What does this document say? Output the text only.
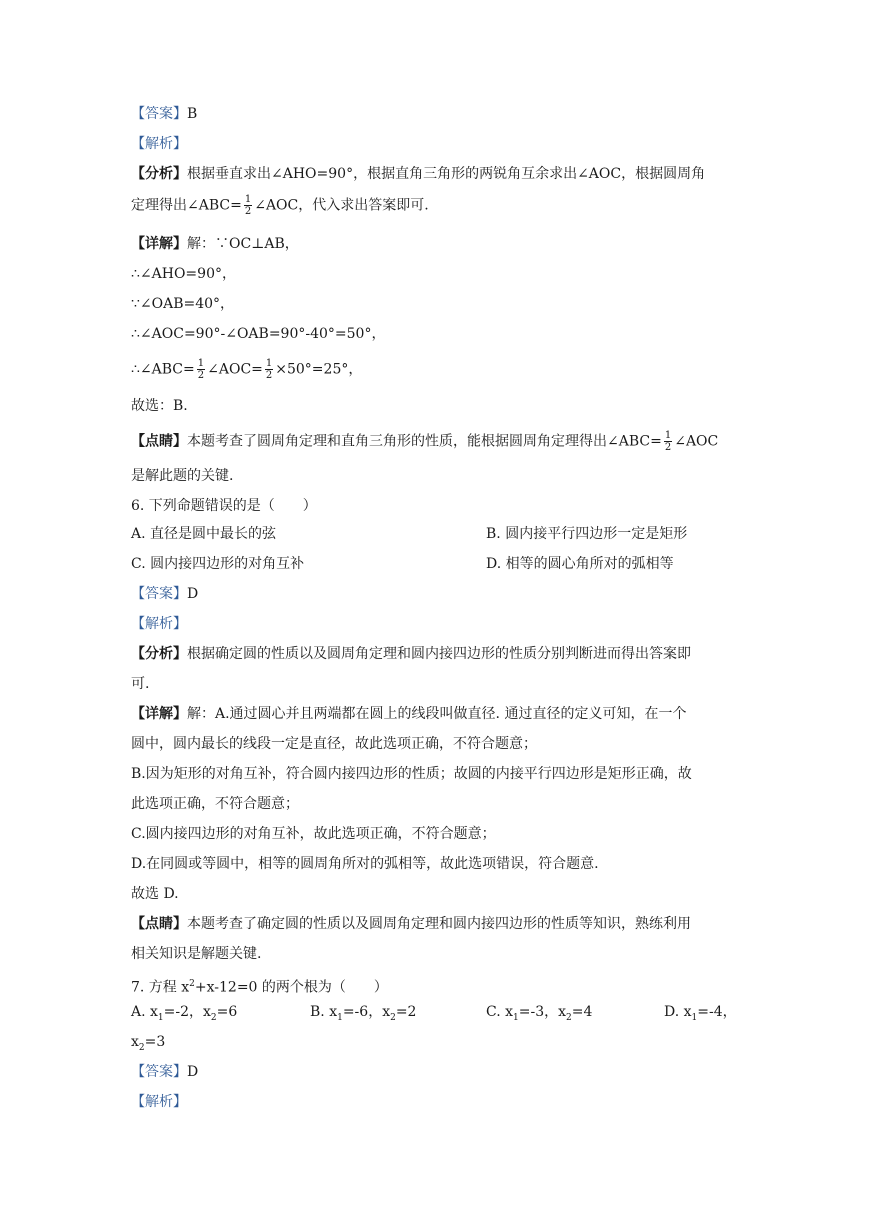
【答案】B
【解析】
【分析】根据垂直求出∠AHO=90°，根据直角三角形的两锐角互余求出∠AOC，根据圆周角
定理得出∠ABC= $\frac{1}{2}$ ∠AOC，代入求出答案即可.
【详解】解：∵OC⊥AB，
∴∠AHO=90°，
∵∠OAB=40°，
∴∠AOC=90°-∠OAB=90°-40°=50°，
∴∠ABC= $\frac{1}{2}$ ∠AOC= $\frac{1}{2} \times 50^\circ=25^\circ$，
故选：B.
【点睛】本题考查了圆周角定理和直角三角形的性质，能根据圆周角定理得出∠ABC= $\frac{1}{2}$ ∠AOC
是解此题的关键.
6. 下列命题错误的是（　　）
A. 直径是圆中最长的弦	B. 圆内接平行四边形一定是矩形
C. 圆内接四边形的对角互补	D. 相等的圆心角所对的弧相等
【答案】D
【解析】
【分析】根据确定圆的性质以及圆周角定理和圆内接四边形的性质分别判断进而得出答案即
可.
【详解】解：A.通过圆心并且两端都在圆上的线段叫做直径. 通过直径的定义可知，在一个
圆中，圆内最长的线段一定是直径，故此选项正确，不符合题意；
B.因为矩形的对角互补，符合圆内接四边形的性质；故圆的内接平行四边形是矩形正确，故
此选项正确，不符合题意；
C.圆内接四边形的对角互补，故此选项正确，不符合题意；
D.在同圆或等圆中，相等的圆周角所对的弧相等，故此选项错误，符合题意.
故选 D.
【点睛】本题考查了确定圆的性质以及圆周角定理和圆内接四边形的性质等知识，熟练利用
相关知识是解题关键.
7. 方程 $x^2+x-12=0$ 的两个根为（　　）
A. $x_1=-2$，$x_2=6$	B. $x_1=-6$，$x_2=2$	C. $x_1=-3$，$x_2=4$	D. $x_1=-4$，
$x_2=3$
【答案】D
【解析】
